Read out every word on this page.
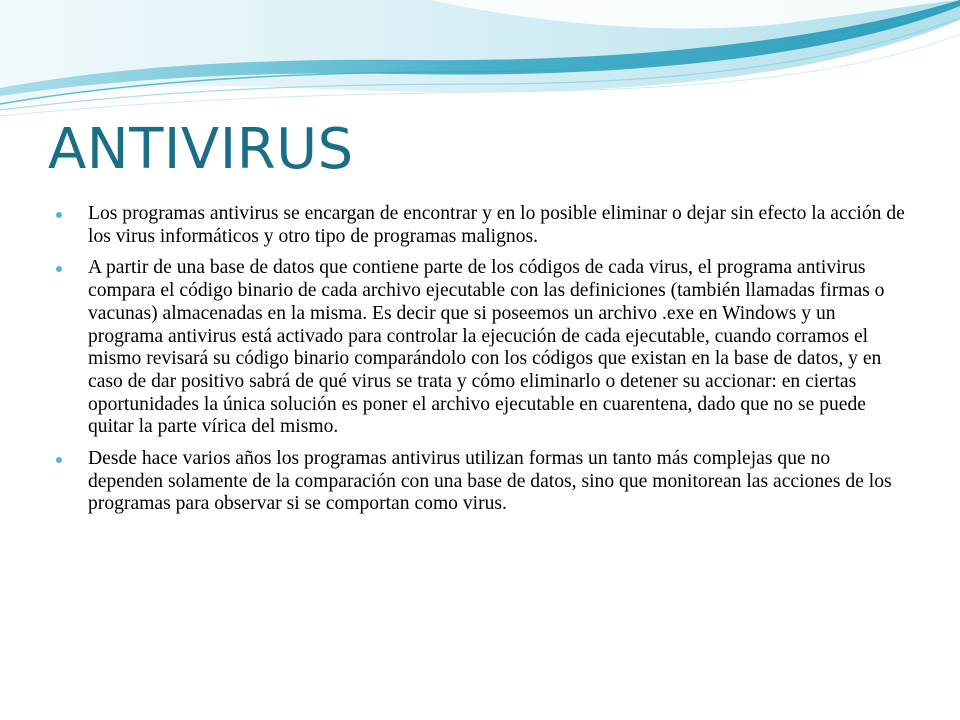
ANTIVIRUS
Los programas antivirus se encargan de encontrar y en lo posible eliminar o dejar sin efecto la acción de los virus informáticos y otro tipo de programas malignos.
A partir de una base de datos que contiene parte de los códigos de cada virus, el programa antivirus compara el código binario de cada archivo ejecutable con las definiciones (también llamadas firmas o vacunas) almacenadas en la misma. Es decir que si poseemos un archivo .exe en Windows y un programa antivirus está activado para controlar la ejecución de cada ejecutable, cuando corramos el mismo revisará su código binario comparándolo con los códigos que existan en la base de datos, y en caso de dar positivo sabrá de qué virus se trata y cómo eliminarlo o detener su accionar: en ciertas oportunidades la única solución es poner el archivo ejecutable en cuarentena, dado que no se puede quitar la parte vírica del mismo.
Desde hace varios años los programas antivirus utilizan formas un tanto más complejas que no dependen solamente de la comparación con una base de datos, sino que monitorean las acciones de los programas para observar si se comportan como virus.
